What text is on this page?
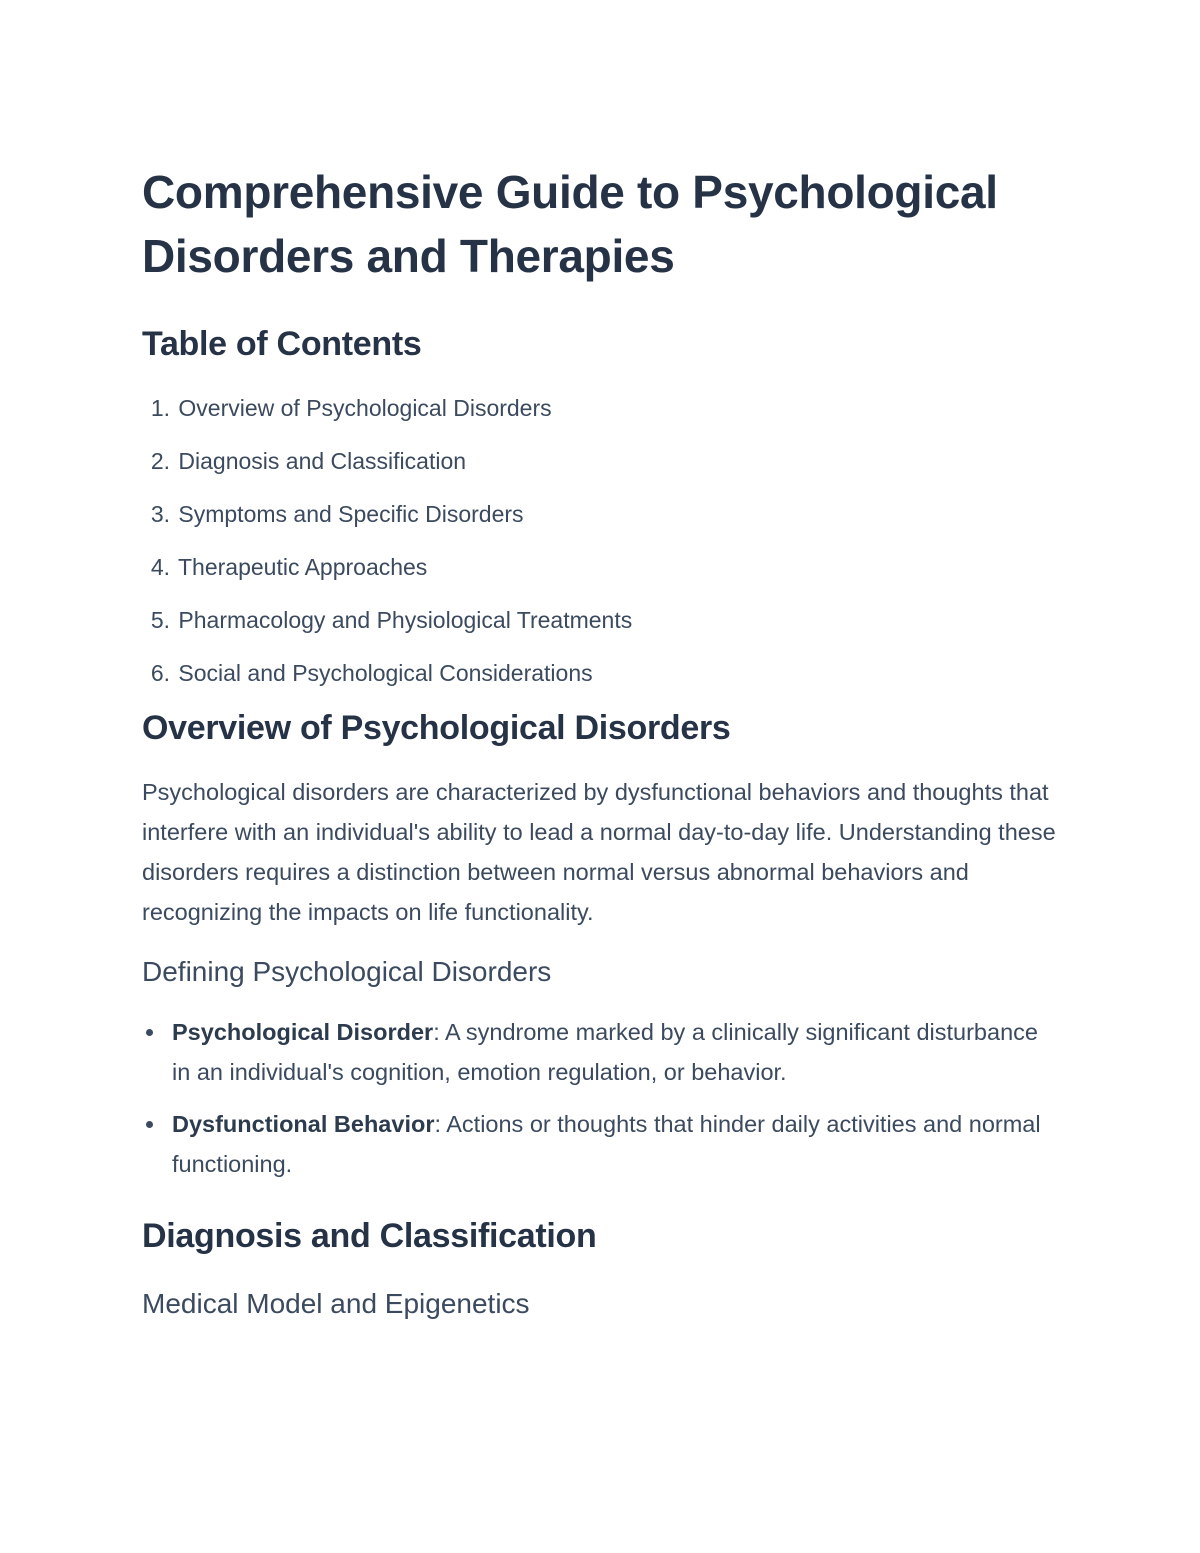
Comprehensive Guide to Psychological Disorders and Therapies
Table of Contents
1. Overview of Psychological Disorders
2. Diagnosis and Classification
3. Symptoms and Specific Disorders
4. Therapeutic Approaches
5. Pharmacology and Physiological Treatments
6. Social and Psychological Considerations
Overview of Psychological Disorders

Psychological disorders are characterized by dysfunctional behaviors and thoughts that interfere with an individual's ability to lead a normal day-to-day life. Understanding these disorders requires a distinction between normal versus abnormal behaviors and recognizing the impacts on life functionality.

Defining Psychological Disorders
Psychological Disorder: A syndrome marked by a clinically significant disturbance in an individual's cognition, emotion regulation, or behavior.
Dysfunctional Behavior: Actions or thoughts that hinder daily activities and normal functioning.
Diagnosis and Classification
Medical Model and Epigenetics
